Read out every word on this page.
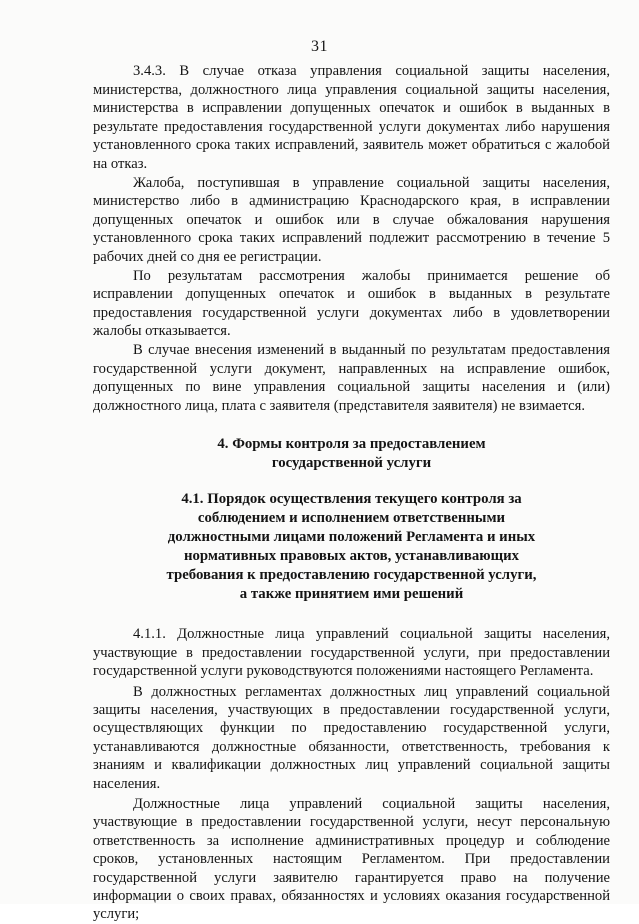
31

3.4.3. В случае отказа управления социальной защиты населения, министерства, должностного лица управления социальной защиты населения, министерства в исправлении допущенных опечаток и ошибок в выданных в результате предоставления государственной услуги документах либо нарушения установленного срока таких исправлений, заявитель может обратиться с жалобой на отказ.

Жалоба, поступившая в управление социальной защиты населения, министерство либо в администрацию Краснодарского края, в исправлении допущенных опечаток и ошибок или в случае обжалования нарушения установленного срока таких исправлений подлежит рассмотрению в течение 5 рабочих дней со дня ее регистрации.

По результатам рассмотрения жалобы принимается решение об исправлении допущенных опечаток и ошибок в выданных в результате предоставления государственной услуги документах либо в удовлетворении жалобы отказывается.

В случае внесения изменений в выданный по результатам предоставления государственной услуги документ, направленных на исправление ошибок, допущенных по вине управления социальной защиты населения и (или) должностного лица, плата с заявителя (представителя заявителя) не взимается.

4. Формы контроля за предоставлением
государственной услуги
4.1. Порядок осуществления текущего контроля за
соблюдением и исполнением ответственными
должностными лицами положений Регламента и иных
нормативных правовых актов, устанавливающих
требования к предоставлению государственной услуги,
а также принятием ими решений

4.1.1. Должностные лица управлений социальной защиты населения, участвующие в предоставлении государственной услуги, при предоставлении государственной услуги руководствуются положениями настоящего Регламента.

В должностных регламентах должностных лиц управлений социальной защиты населения, участвующих в предоставлении государственной услуги, осуществляющих функции по предоставлению государственной услуги, устанавливаются должностные обязанности, ответственность, требования к знаниям и квалификации должностных лиц управлений социальной защиты населения.

Должностные лица управлений социальной защиты населения, участвующие в предоставлении государственной услуги, несут персональную ответственность за исполнение административных процедур и соблюдение сроков, установленных настоящим Регламентом. При предоставлении государственной услуги заявителю гарантируется право на получение информации о своих правах, обязанностях и условиях оказания государственной услуги;
